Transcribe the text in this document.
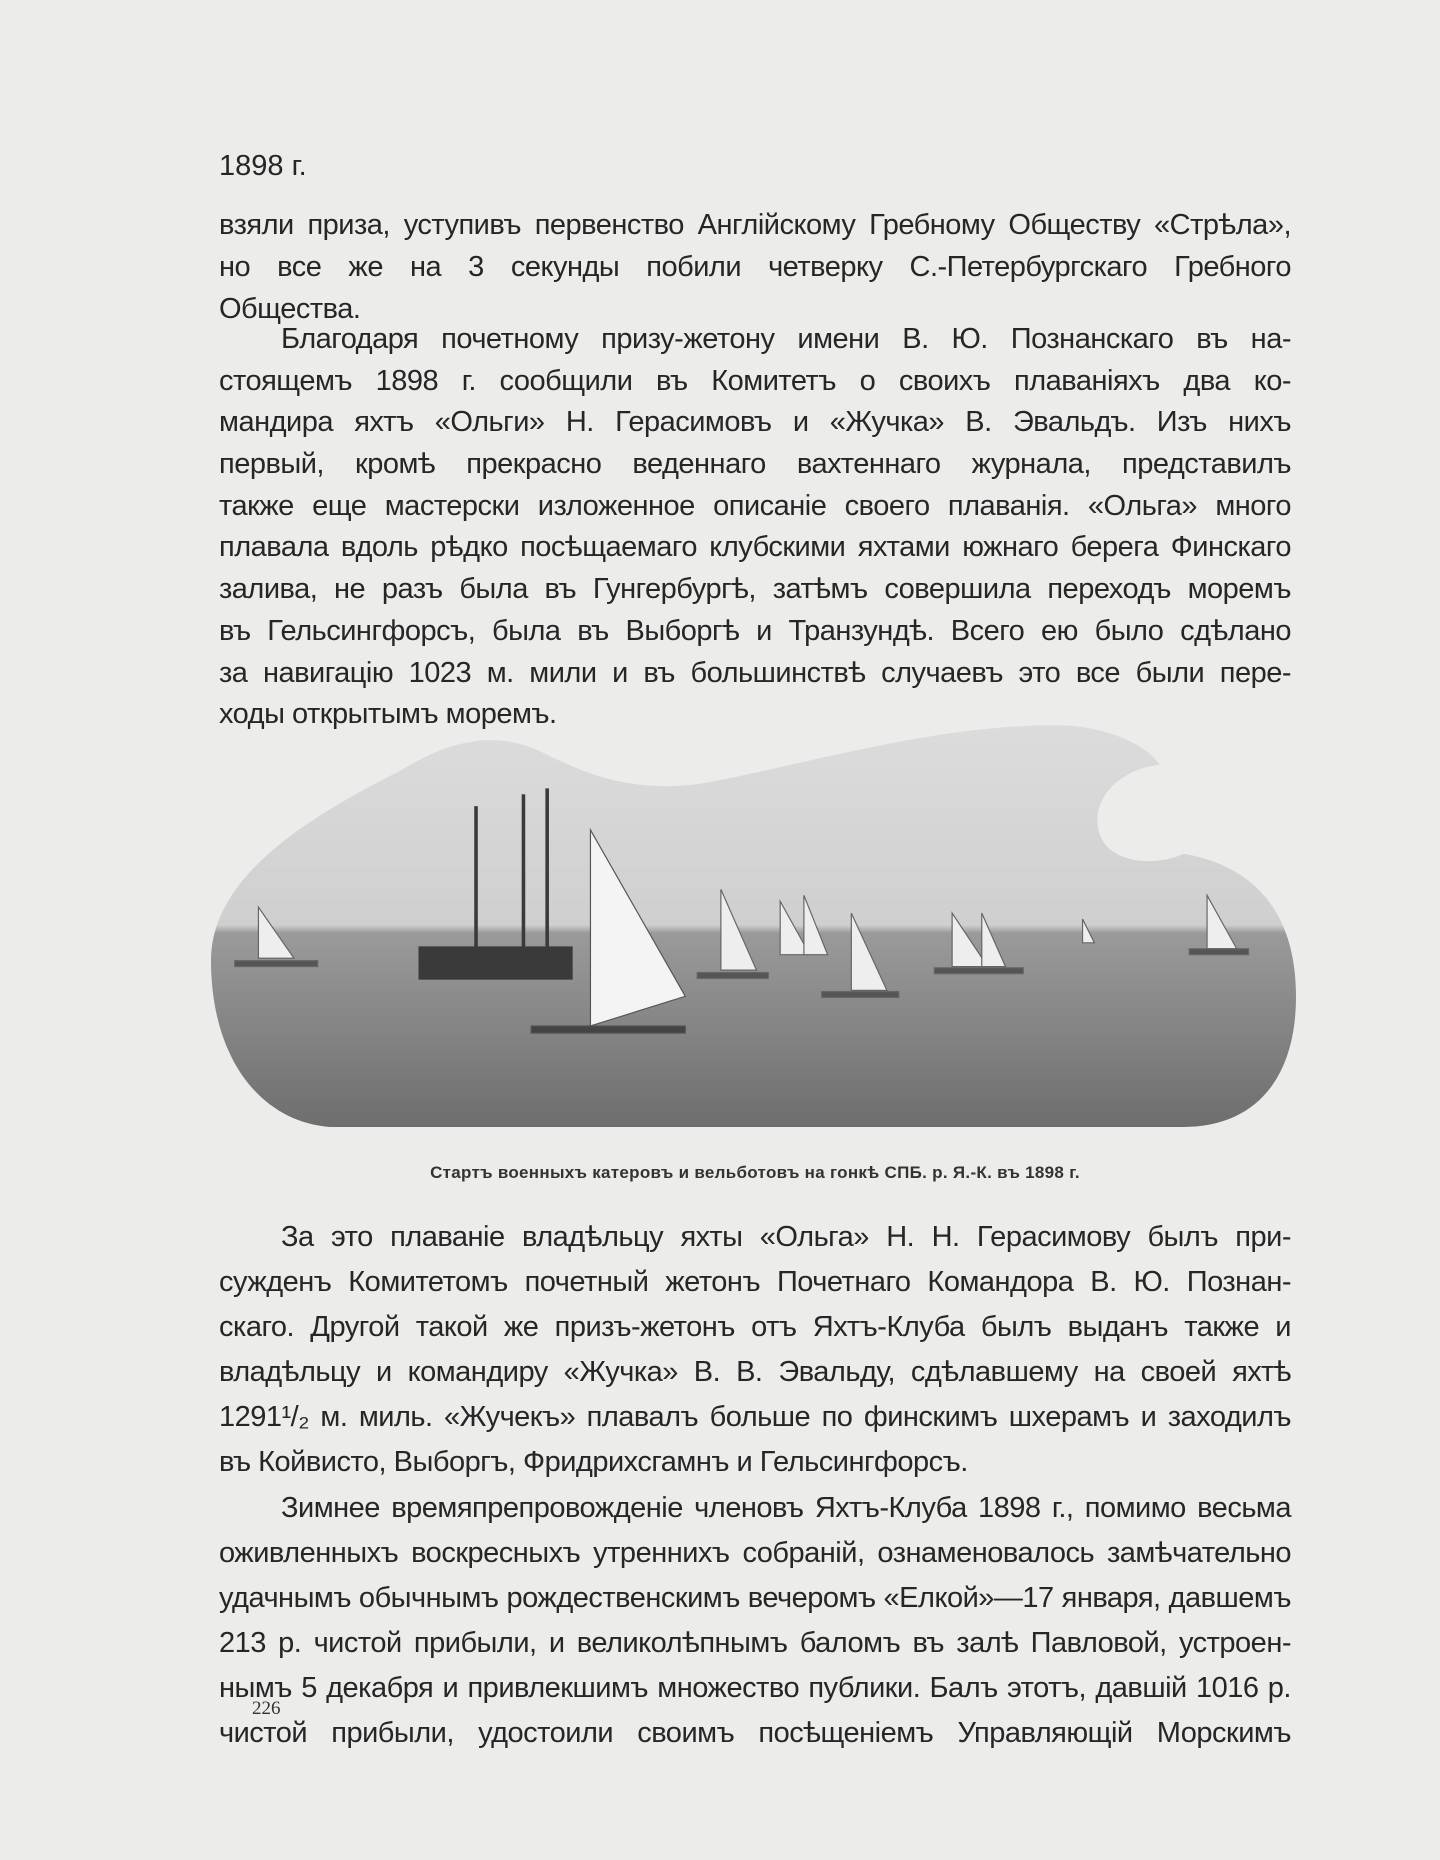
1898 г.
взяли приза, уступивъ первенство Англійскому Гребному Обществу «Стрѣла»,
но все же на 3 секунды побили четверку С.-Петербургскаго Гребного
Общества.
Благодаря почетному призу-жетону имени В. Ю. Познанскаго въ на-
стоящемъ 1898 г. сообщили въ Комитетъ о своихъ плаваніяхъ два ко-
мандира яхтъ «Ольги» Н. Герасимовъ и «Жучка» В. Эвальдъ. Изъ нихъ
первый, кромѣ прекрасно веденнаго вахтеннаго журнала, представилъ
также еще мастерски изложенное описаніе своего плаванія. «Ольга» много
плавала вдоль рѣдко посѣщаемаго клубскими яхтами южнаго берега Финскаго
залива, не разъ была въ Гунгербургѣ, затѣмъ совершила переходъ моремъ
въ Гельсингфорсъ, была въ Выборгѣ и Транзундѣ. Всего ею было сдѣлано
за навигацію 1023 м. мили и въ большинствѣ случаевъ это все были пере-
ходы открытымъ моремъ.
Стартъ военныхъ катеровъ и вельботовъ на гонкѣ СПБ. р. Я.-К. въ 1898 г.
За это плаваніе владѣльцу яхты «Ольга» Н. Н. Герасимову былъ при-
сужденъ Комитетомъ почетный жетонъ Почетнаго Командора В. Ю. Познан-
скаго. Другой такой же призъ-жетонъ отъ Яхтъ-Клуба былъ выданъ также и
владѣльцу и командиру «Жучка» В. В. Эвальду, сдѣлавшему на своей яхтѣ
1291¹/₂ м. миль. «Жучекъ» плавалъ больше по финскимъ шхерамъ и заходилъ
въ Койвисто, Выборгъ, Фридрихсгамнъ и Гельсингфорсъ.
Зимнее времяпрепровожденіе членовъ Яхтъ-Клуба 1898 г., помимо весьма
оживленныхъ воскресныхъ утреннихъ собраній, ознаменовалось замѣчательно
удачнымъ обычнымъ рождественскимъ вечеромъ «Елкой»—17 января, давшемъ
213 р. чистой прибыли, и великолѣпнымъ баломъ въ залѣ Павловой, устроен-
нымъ 5 декабря и привлекшимъ множество публики. Балъ этотъ, давшій 1016 р.
чистой прибыли, удостоили своимъ посѣщеніемъ Управляющій Морскимъ
226
